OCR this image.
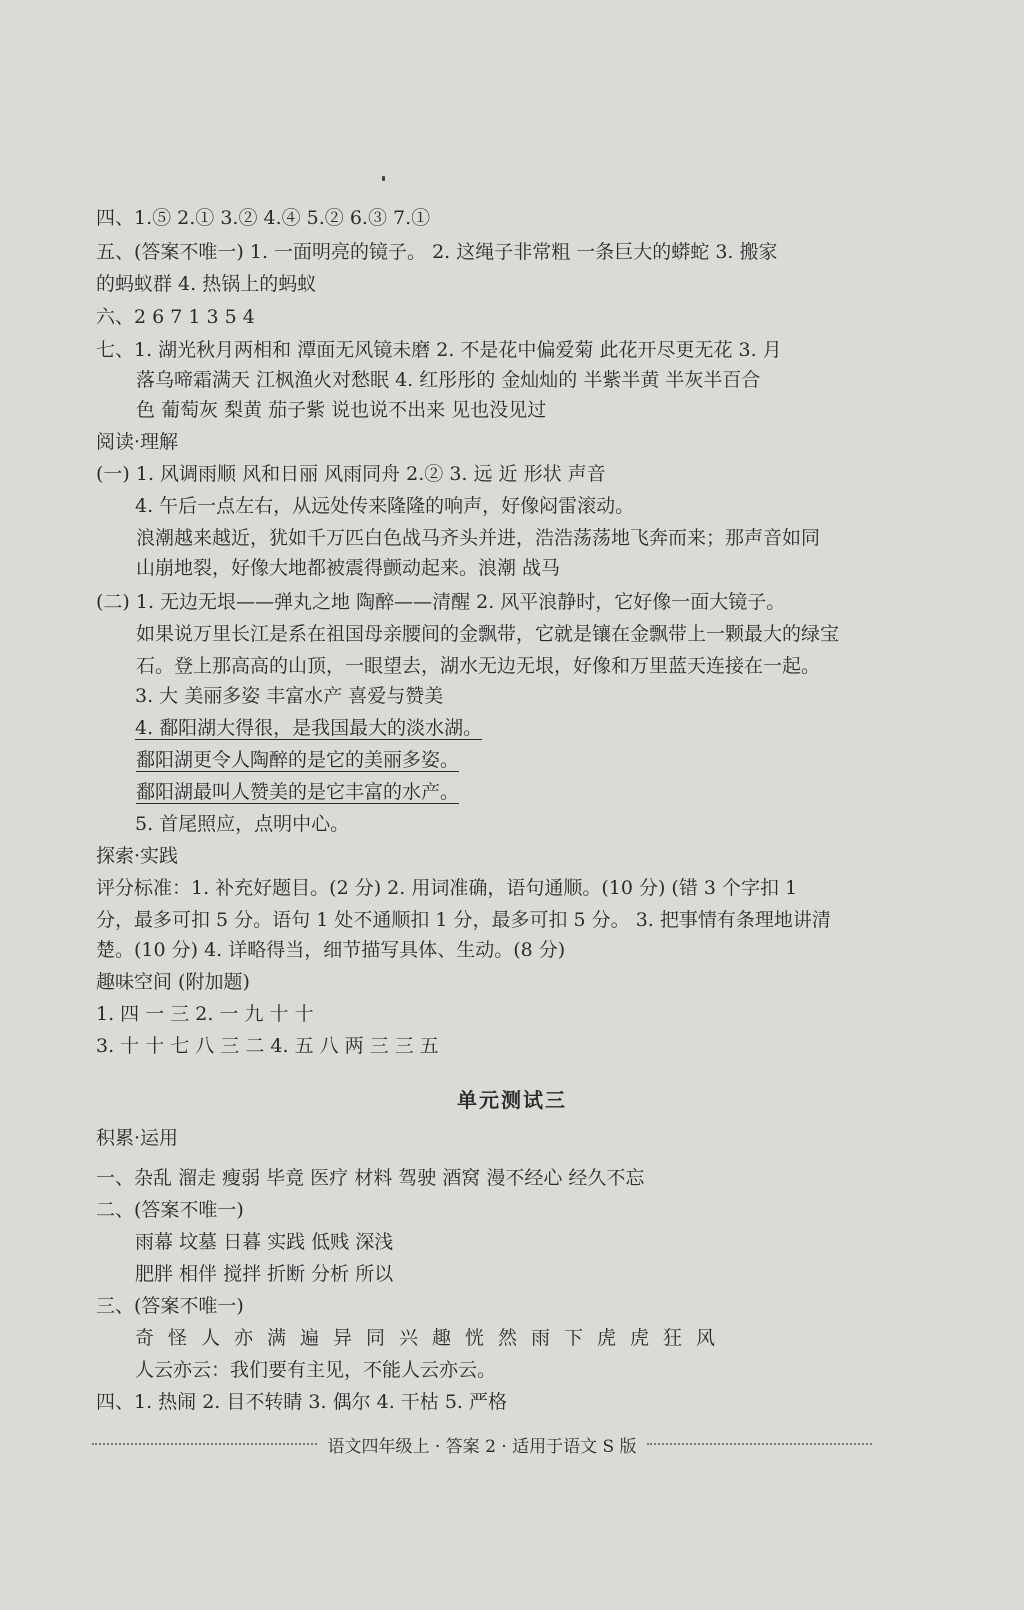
四、1.⑤ 2.① 3.② 4.④ 5.② 6.③ 7.①
五、(答案不唯一) 1. 一面明亮的镜子。 2. 这绳子非常粗 一条巨大的蟒蛇 3. 搬家
的蚂蚁群 4. 热锅上的蚂蚁
六、2 6 7 1 3 5 4
七、1. 湖光秋月两相和 潭面无风镜未磨 2. 不是花中偏爱菊 此花开尽更无花 3. 月
落乌啼霜满天 江枫渔火对愁眠 4. 红彤彤的 金灿灿的 半紫半黄 半灰半百合
色 葡萄灰 梨黄 茄子紫 说也说不出来 见也没见过
阅读·理解
(一) 1. 风调雨顺 风和日丽 风雨同舟 2.② 3. 远 近 形状 声音
4. 午后一点左右，从远处传来隆隆的响声，好像闷雷滚动。
浪潮越来越近，犹如千万匹白色战马齐头并进，浩浩荡荡地飞奔而来；那声音如同
山崩地裂，好像大地都被震得颤动起来。浪潮 战马
(二) 1. 无边无垠——弹丸之地 陶醉——清醒 2. 风平浪静时，它好像一面大镜子。
如果说万里长江是系在祖国母亲腰间的金飘带，它就是镶在金飘带上一颗最大的绿宝
石。登上那高高的山顶，一眼望去，湖水无边无垠，好像和万里蓝天连接在一起。
3. 大 美丽多姿 丰富水产 喜爱与赞美
4. 鄱阳湖大得很，是我国最大的淡水湖。
鄱阳湖更令人陶醉的是它的美丽多姿。
鄱阳湖最叫人赞美的是它丰富的水产。
5. 首尾照应，点明中心。
探索·实践
评分标准：1. 补充好题目。(2 分) 2. 用词准确，语句通顺。(10 分) (错 3 个字扣 1
分，最多可扣 5 分。语句 1 处不通顺扣 1 分，最多可扣 5 分。 3. 把事情有条理地讲清
楚。(10 分) 4. 详略得当，细节描写具体、生动。(8 分)
趣味空间 (附加题)
1. 四 一 三 2. 一 九 十 十
3. 十 十 七 八 三 二 4. 五 八 两 三 三 五
单元测试三
积累·运用
一、杂乱 溜走 瘦弱 毕竟 医疗 材料 驾驶 酒窝 漫不经心 经久不忘
二、(答案不唯一)
雨幕 坟墓 日暮 实践 低贱 深浅
肥胖 相伴 搅拌 折断 分析 所以
三、(答案不唯一)
奇怪人亦满遍异同兴趣恍然雨下虎虎狂风
人云亦云：我们要有主见，不能人云亦云。
四、1. 热闹 2. 目不转睛 3. 偶尔 4. 干枯 5. 严格
语文四年级上 · 答案 2 · 适用于语文 S 版
